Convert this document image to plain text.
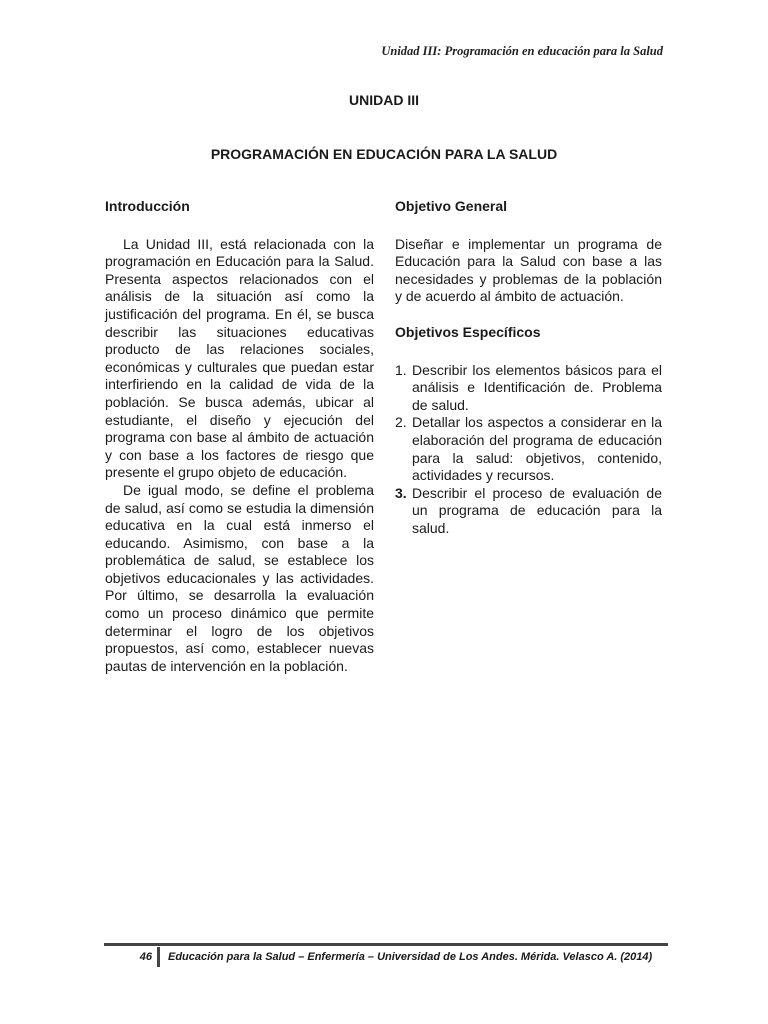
Unidad III: Programación en educación para la Salud
UNIDAD III
PROGRAMACIÓN EN EDUCACIÓN PARA LA SALUD
Introducción

La Unidad III, está relacionada con la programación en Educación para la Salud. Presenta aspectos relacionados con el análisis de la situación así como la justificación del programa. En él, se busca describir las situaciones educativas producto de las relaciones sociales, económicas y culturales que puedan estar interfiriendo en la calidad de vida de la población. Se busca además, ubicar al estudiante, el diseño y ejecución del programa con base al ámbito de actuación y con base a los factores de riesgo que presente el grupo objeto de educación.

De igual modo, se define el problema de salud, así como se estudia la dimensión educativa en la cual está inmerso el educando. Asimismo, con base a la problemática de salud, se establece los objetivos educacionales y las actividades. Por último, se desarrolla la evaluación como un proceso dinámico que permite determinar el logro de los objetivos propuestos, así como, establecer nuevas pautas de intervención en la población.

Objetivo General

Diseñar e implementar un programa de Educación para la Salud con base a las necesidades y problemas de la población y de acuerdo al ámbito de actuación.

Objetivos Específicos
1. Describir los elementos básicos para el análisis e Identificación de. Problema de salud.
2. Detallar los aspectos a considerar en la elaboración del programa de educación para la salud: objetivos, contenido, actividades y recursos.
3. Describir el proceso de evaluación de un programa de educación para la salud.
46	Educación para la Salud – Enfermería – Universidad de Los Andes. Mérida. Velasco A. (2014)
